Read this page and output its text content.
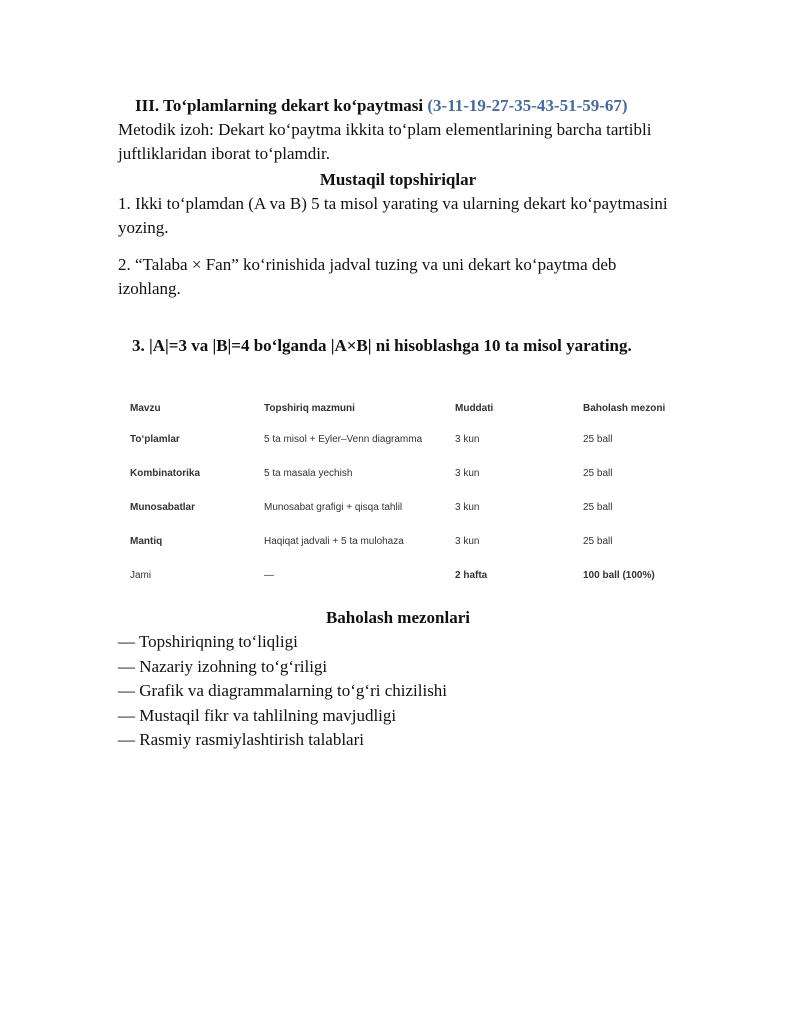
III. To‘plamlarning dekart ko‘paytmasi (3-11-19-27-35-43-51-59-67)

Metodik izoh: Dekart ko‘paytma ikkita to‘plam elementlarining barcha tartibli juftliklaridan iborat to‘plamdir.

Mustaqil topshiriqlar

1. Ikki to‘plamdan (A va B) 5 ta misol yarating va ularning dekart ko‘paytmasini yozing.

2. “Talaba × Fan” ko‘rinishida jadval tuzing va uni dekart ko‘paytma deb izohlang.

3. |A|=3 va |B|=4 bo‘lganda |A×B| ni hisoblashga 10 ta misol yarating.
Mavzu	Topshiriq mazmuni	Muddati	Baholash mezoni
To‘plamlar	5 ta misol + Eyler–Venn diagramma	3 kun	25 ball
Kombinatorika	5 ta masala yechish	3 kun	25 ball
Munosabatlar	Munosabat grafigi + qisqa tahlil	3 kun	25 ball
Mantiq	Haqiqat jadvali + 5 ta mulohaza	3 kun	25 ball
Jami	—	2 hafta	100 ball (100%)
Baholash mezonlari
— Topshiriqning to‘liqligi
— Nazariy izohning to‘g‘riligi
— Grafik va diagrammalarning to‘g‘ri chizilishi
— Mustaqil fikr va tahlilning mavjudligi
— Rasmiy rasmiylashtirish talablari
